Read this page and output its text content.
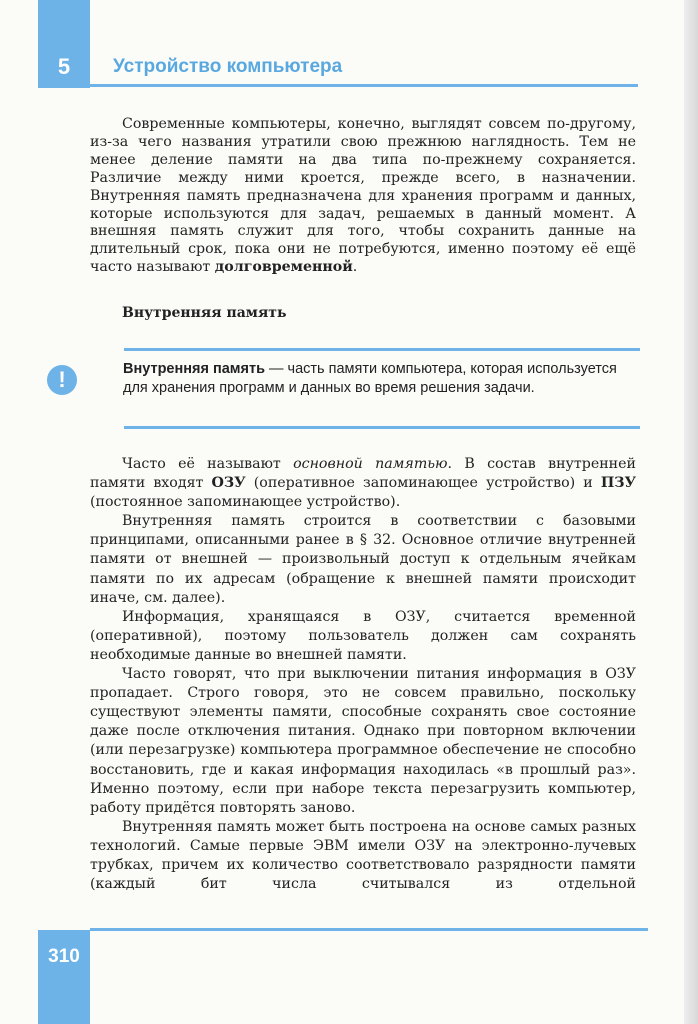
5	Устройство компьютера

Современные компьютеры, конечно, выглядят совсем по-другому, из-за чего названия утратили свою прежнюю наглядность. Тем не менее деление памяти на два типа по-прежнему сохраняется. Различие между ними кроется, прежде всего, в назначении. Внутренняя память предназначена для хранения программ и данных, которые используются для задач, решаемых в данный момент. А внешняя память служит для того, чтобы сохранить данные на длительный срок, пока они не потребуются, именно поэтому её ещё часто называют долговременной.

Внутренняя память
!	Внутренняя память — часть памяти компьютера, которая используется для хранения программ и данных во время решения задачи.

Часто её называют основной памятью. В состав внутренней памяти входят ОЗУ (оперативное запоминающее устройство) и ПЗУ (постоянное запоминающее устройство).

Внутренняя память строится в соответствии с базовыми принципами, описанными ранее в § 32. Основное отличие внутренней памяти от внешней — произвольный доступ к отдельным ячейкам памяти по их адресам (обращение к внешней памяти происходит иначе, см. далее).

Информация, хранящаяся в ОЗУ, считается временной (оперативной), поэтому пользователь должен сам сохранять необходимые данные во внешней памяти.

Часто говорят, что при выключении питания информация в ОЗУ пропадает. Строго говоря, это не совсем правильно, поскольку существуют элементы памяти, способные сохранять свое состояние даже после отключения питания. Однако при повторном включении (или перезагрузке) компьютера программное обеспечение не способно восстановить, где и какая информация находилась «в прошлый раз». Именно поэтому, если при наборе текста перезагрузить компьютер, работу придётся повторять заново.

Внутренняя память может быть построена на основе самых разных технологий. Самые первые ЭВМ имели ОЗУ на электронно-лучевых трубках, причем их количество соответствовало разрядности памяти (каждый бит числа считывался из отдельной

310
